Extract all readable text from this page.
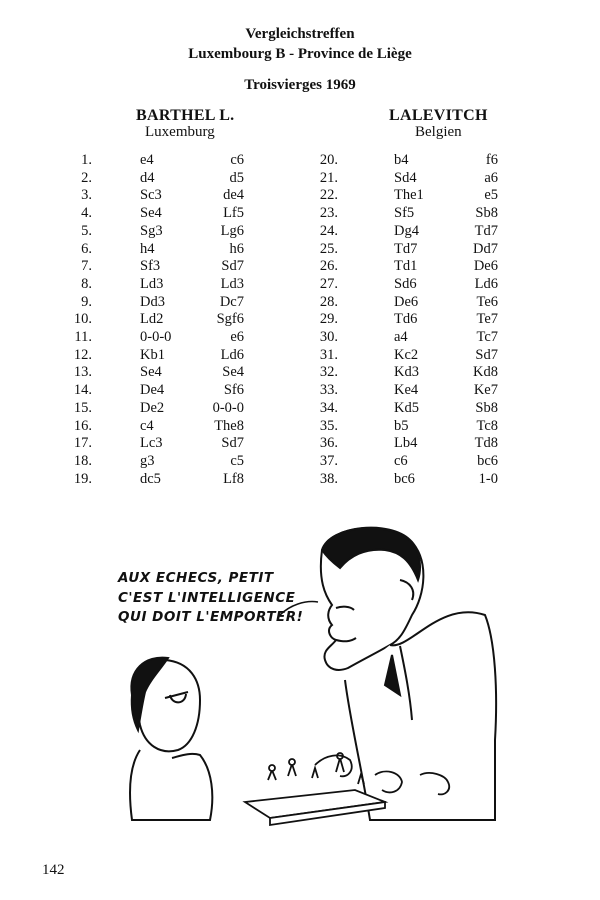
Vergleichstreffen
Luxembourg B - Province de Liège
Troisvierges 1969
BARTHEL L.
Luxemburg
LALEVITCH
Belgien
1.	e4	c6
2.	d4	d5
3.	Sc3	de4
4.	Se4	Lf5
5.	Sg3	Lg6
6.	h4	h6
7.	Sf3	Sd7
8.	Ld3	Ld3
9.	Dd3	Dc7
10.	Ld2	Sgf6
11.	0-0-0	e6
12.	Kb1	Ld6
13.	Se4	Se4
14.	De4	Sf6
15.	De2	0-0-0
16.	c4	The8
17.	Lc3	Sd7
18.	g3	c5
19.	dc5	Lf8
20.	b4	f6
21.	Sd4	a6
22.	The1	e5
23.	Sf5	Sb8
24.	Dg4	Td7
25.	Td7	Dd7
26.	Td1	De6
27.	Sd6	Ld6
28.	De6	Te6
29.	Td6	Te7
30.	a4	Tc7
31.	Kc2	Sd7
32.	Kd3	Kd8
33.	Ke4	Ke7
34.	Kd5	Sb8
35.	b5	Tc8
36.	Lb4	Td8
37.	c6	bc6
38.	bc6	1-0
AUX ECHECS, PETIT
C'EST L'INTELLIGENCE
QUI DOIT L'EMPORTER!
142
